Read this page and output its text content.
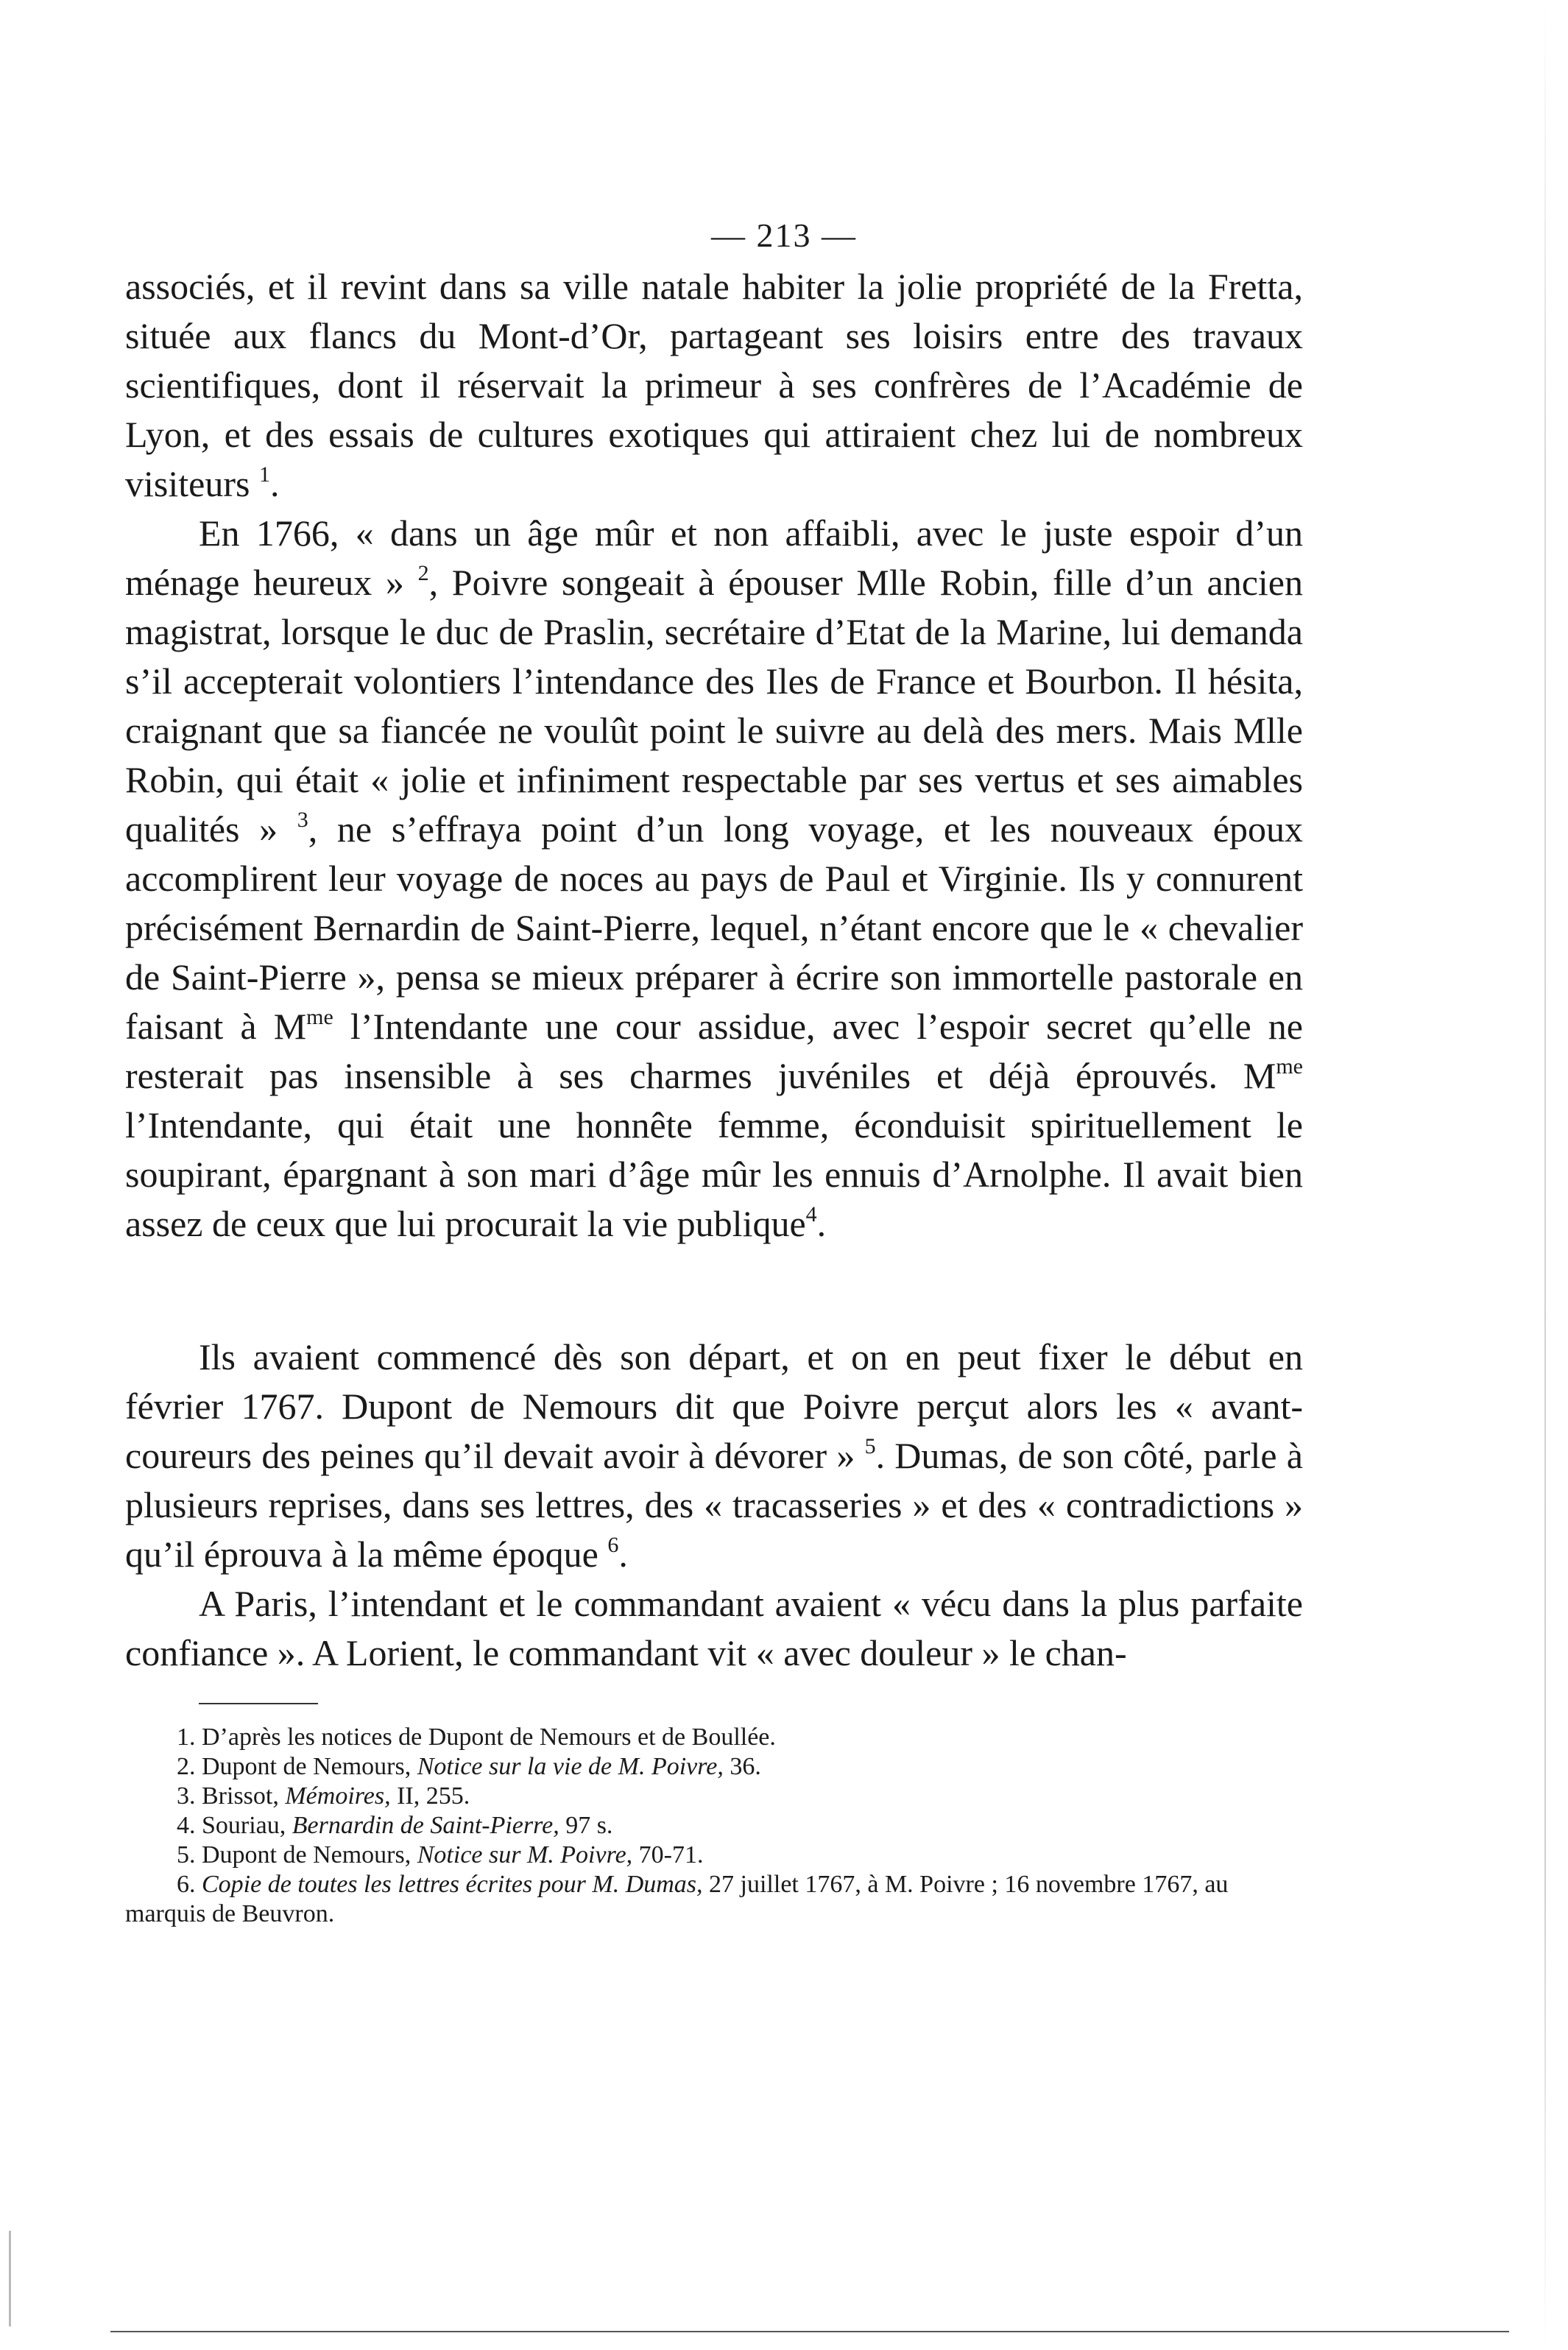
— 213 —

associés, et il revint dans sa ville natale habiter la jolie propriété de la Fretta, située aux flancs du Mont-d’Or, partageant ses loisirs entre des travaux scientifiques, dont il réservait la primeur à ses confrères de l’Académie de Lyon, et des essais de cultures exotiques qui attiraient chez lui de nombreux visiteurs $^1$.

En 1766, « dans un âge mûr et non affaibli, avec le juste espoir d’un ménage heureux » $^2$, Poivre songeait à épouser Mlle Robin, fille d’un ancien magistrat, lorsque le duc de Praslin, secrétaire d’Etat de la Marine, lui demanda s’il accepterait volontiers l’intendance des Iles de France et Bourbon. Il hésita, craignant que sa fiancée ne voulût point le suivre au delà des mers. Mais Mlle Robin, qui était « jolie et infiniment respectable par ses vertus et ses aimables qualités » $^3$, ne s’effraya point d’un long voyage, et les nouveaux époux accomplirent leur voyage de noces au pays de Paul et Virginie. Ils y connurent précisément Bernardin de Saint-Pierre, lequel, n’étant encore que le « chevalier de Saint-Pierre », pensa se mieux préparer à écrire son immortelle pastorale en faisant à $M^{me}$ l’Intendante une cour assidue, avec l’espoir secret qu’elle ne resterait pas insensible à ses charmes juvéniles et déjà éprouvés. $M^{me}$ l’Intendante, qui était une honnête femme, éconduisit spirituellement le soupirant, épargnant à son mari d’âge mûr les ennuis d’Arnolphe. Il avait bien assez de ceux que lui procurait la vie publique$^4$.

Ils avaient commencé dès son départ, et on en peut fixer le début en février 1767. Dupont de Nemours dit que Poivre perçut alors les « avant-coureurs des peines qu’il devait avoir à dévorer » $^5$. Dumas, de son côté, parle à plusieurs reprises, dans ses lettres, des « tracasseries » et des « contradictions » qu’il éprouva à la même époque $^6$.

A Paris, l’intendant et le commandant avaient « vécu dans la plus parfaite confiance ». A Lorient, le commandant vit « avec douleur » le chan-

1. D’après les notices de Dupont de Nemours et de Boullée.

2. Dupont de Nemours, Notice sur la vie de M. Poivre, 36.

3. Brissot, Mémoires, II, 255.

4. Souriau, Bernardin de Saint-Pierre, 97 s.

5. Dupont de Nemours, Notice sur M. Poivre, 70-71.

6. Copie de toutes les lettres écrites pour M. Dumas, 27 juillet 1767, à M. Poivre ; 16 novembre 1767, au marquis de Beuvron.
